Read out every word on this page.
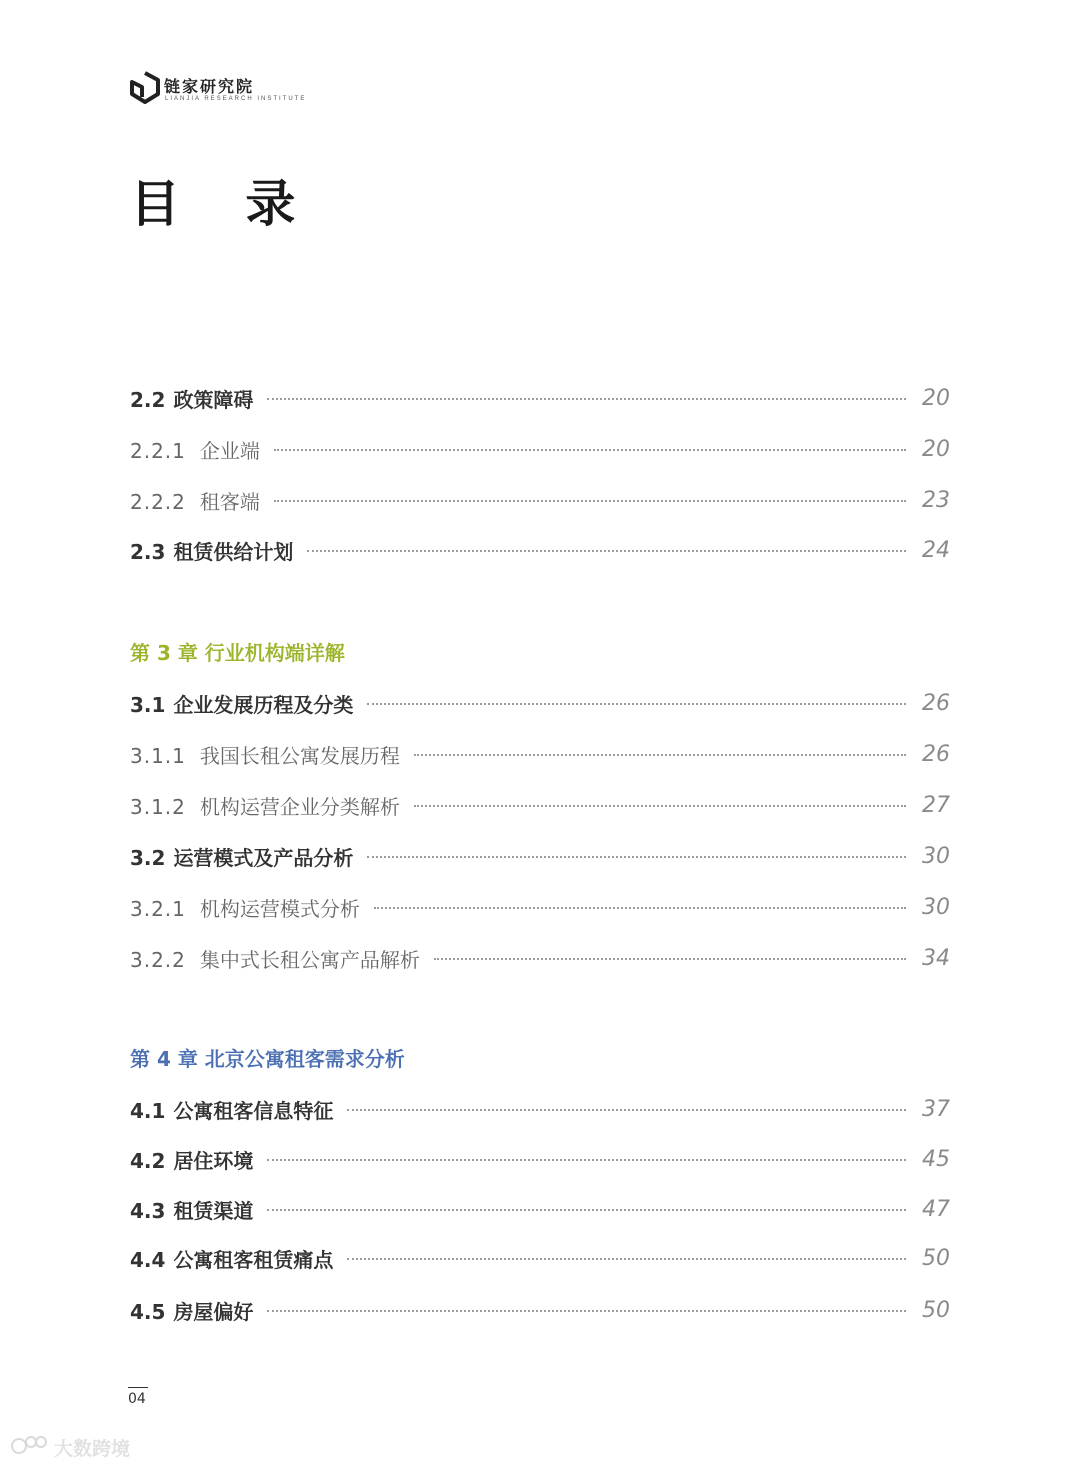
链家研究院
LIANJIA RESEARCH INSTITUTE
目 录
2.2 政策障碍	20
2.2.1 企业端	20
2.2.2 租客端	23
2.3 租赁供给计划	24
第 3 章 行业机构端详解
3.1 企业发展历程及分类	26
3.1.1 我国长租公寓发展历程	26
3.1.2 机构运营企业分类解析	27
3.2 运营模式及产品分析	30
3.2.1 机构运营模式分析	30
3.2.2 集中式长租公寓产品解析	34
第 4 章 北京公寓租客需求分析
4.1 公寓租客信息特征	37
4.2 居住环境	45
4.3 租赁渠道	47
4.4 公寓租客租赁痛点	50
4.5 房屋偏好	50
04
大数跨境
